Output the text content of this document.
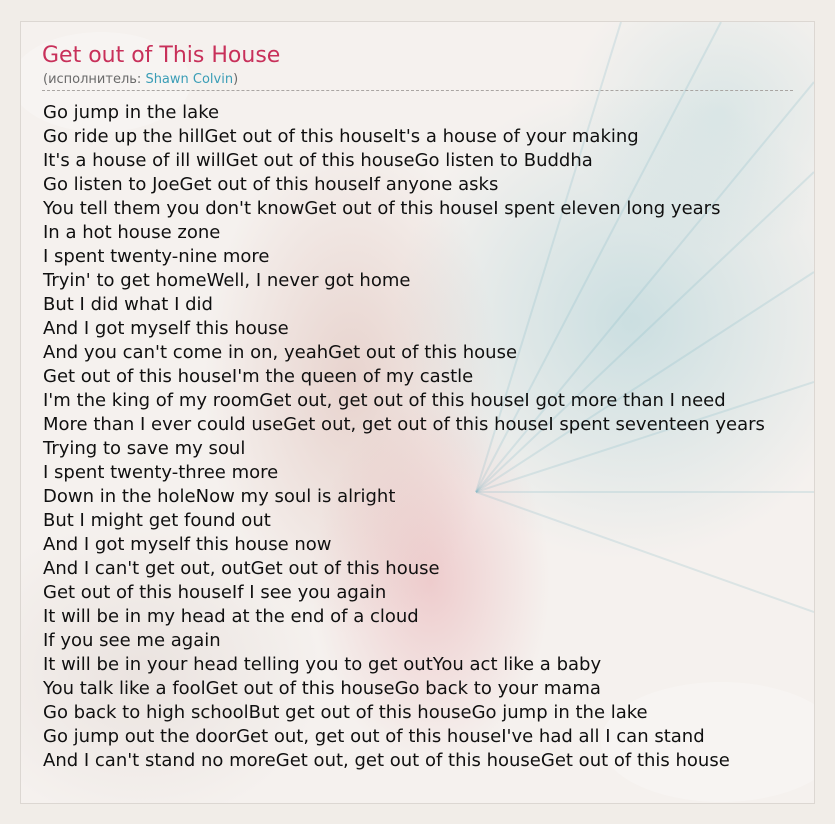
Get out of This House
(исполнитель: Shawn Colvin)
Go jump in the lake
Go ride up the hillGet out of this houseIt's a house of your making
It's a house of ill willGet out of this houseGo listen to Buddha
Go listen to JoeGet out of this houseIf anyone asks
You tell them you don't knowGet out of this houseI spent eleven long years
In a hot house zone
I spent twenty-nine more
Tryin' to get homeWell, I never got home
But I did what I did
And I got myself this house
And you can't come in on, yeahGet out of this house
Get out of this houseI'm the queen of my castle
I'm the king of my roomGet out, get out of this houseI got more than I need
More than I ever could useGet out, get out of this houseI spent seventeen years
Trying to save my soul
I spent twenty-three more
Down in the holeNow my soul is alright
But I might get found out
And I got myself this house now
And I can't get out, outGet out of this house
Get out of this houseIf I see you again
It will be in my head at the end of a cloud
If you see me again
It will be in your head telling you to get outYou act like a baby
You talk like a foolGet out of this houseGo back to your mama
Go back to high schoolBut get out of this houseGo jump in the lake
Go jump out the doorGet out, get out of this houseI've had all I can stand
And I can't stand no moreGet out, get out of this houseGet out of this house
